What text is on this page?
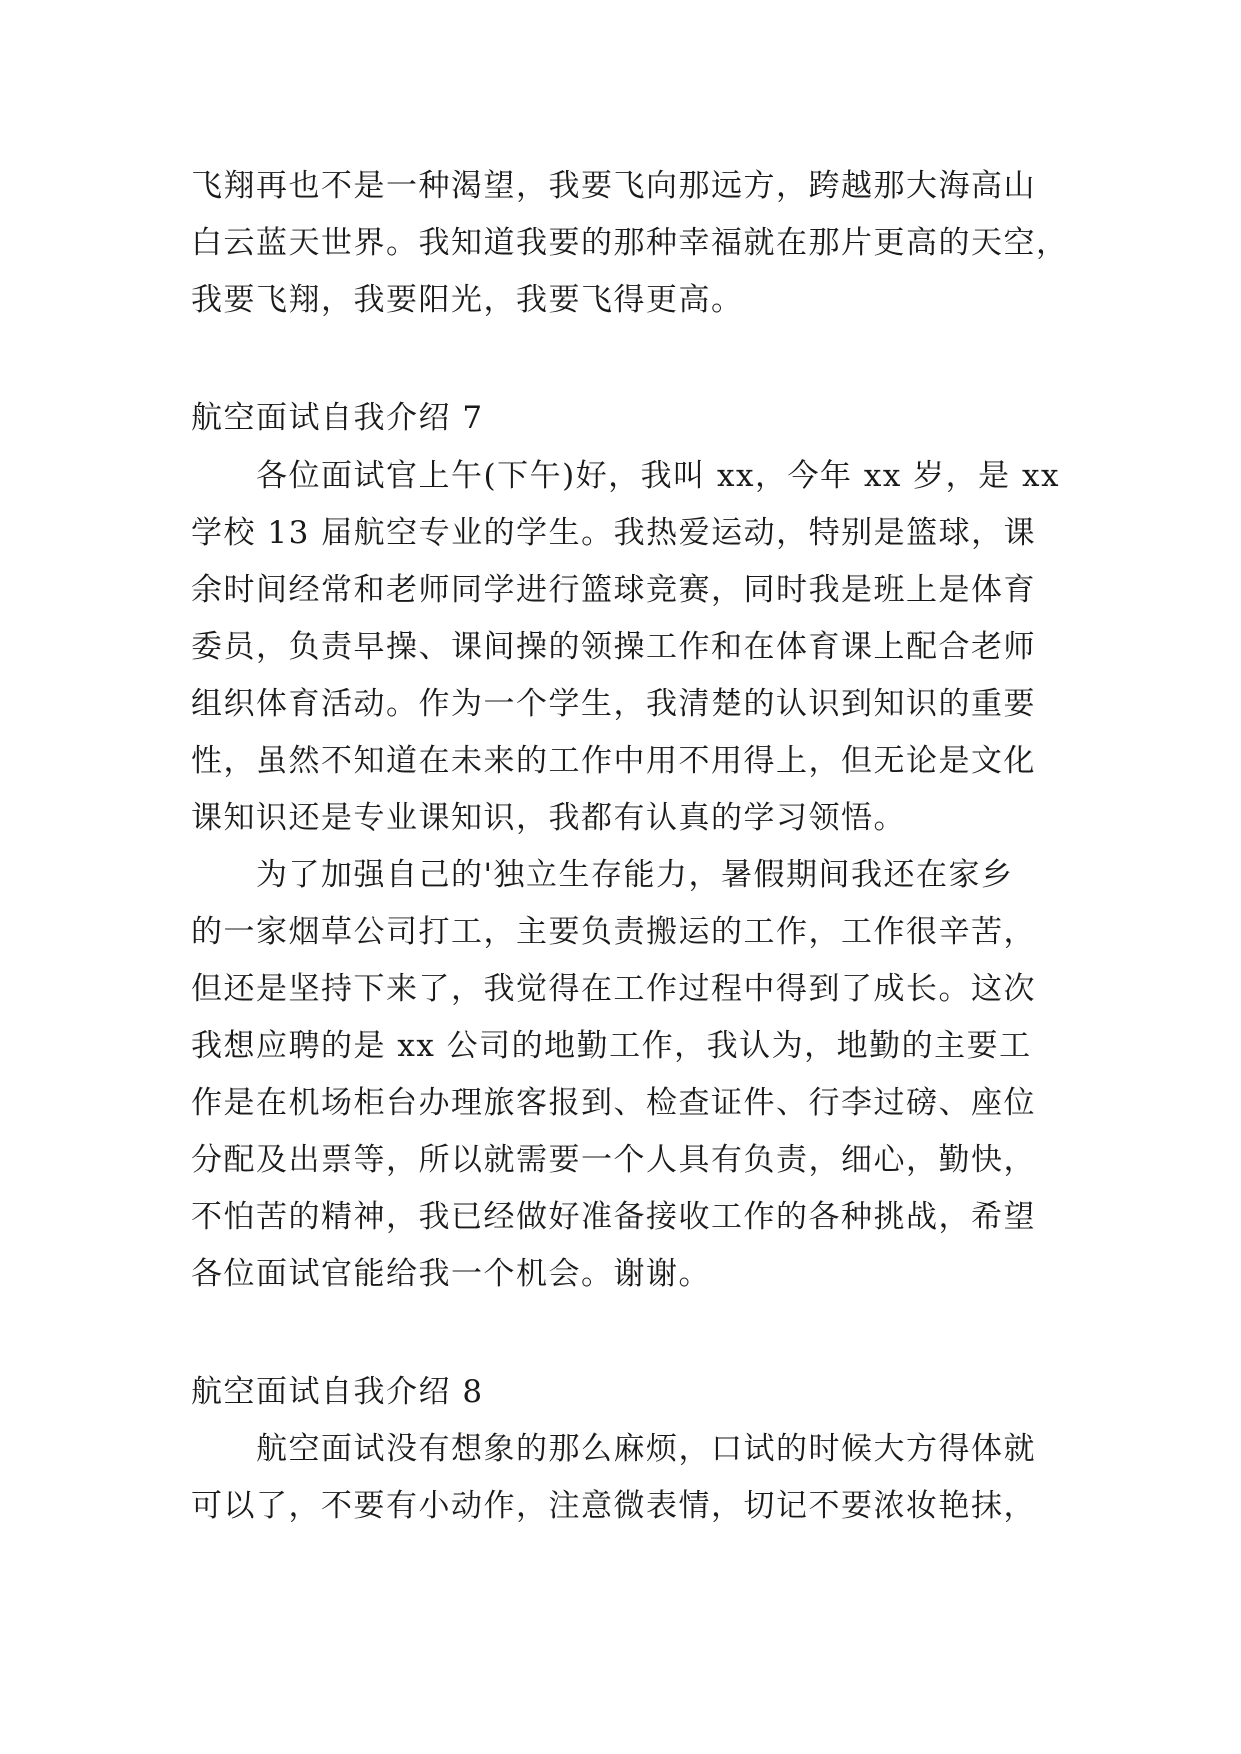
飞翔再也不是一种渴望，我要飞向那远方，跨越那大海高山
白云蓝天世界。我知道我要的那种幸福就在那片更高的天空，
我要飞翔，我要阳光，我要飞得更高。
航空面试自我介绍 7
各位面试官上午(下午)好，我叫 xx，今年 xx 岁，是 xx
学校 13 届航空专业的学生。我热爱运动，特别是篮球，课
余时间经常和老师同学进行篮球竞赛，同时我是班上是体育
委员，负责早操、课间操的领操工作和在体育课上配合老师
组织体育活动。作为一个学生，我清楚的认识到知识的重要
性，虽然不知道在未来的工作中用不用得上，但无论是文化
课知识还是专业课知识，我都有认真的学习领悟。
为了加强自己的'独立生存能力，暑假期间我还在家乡
的一家烟草公司打工，主要负责搬运的工作，工作很辛苦，
但还是坚持下来了，我觉得在工作过程中得到了成长。这次
我想应聘的是 xx 公司的地勤工作，我认为，地勤的主要工
作是在机场柜台办理旅客报到、检查证件、行李过磅、座位
分配及出票等，所以就需要一个人具有负责，细心，勤快，
不怕苦的精神，我已经做好准备接收工作的各种挑战，希望
各位面试官能给我一个机会。谢谢。
航空面试自我介绍 8
航空面试没有想象的那么麻烦，口试的时候大方得体就
可以了，不要有小动作，注意微表情，切记不要浓妆艳抹，
